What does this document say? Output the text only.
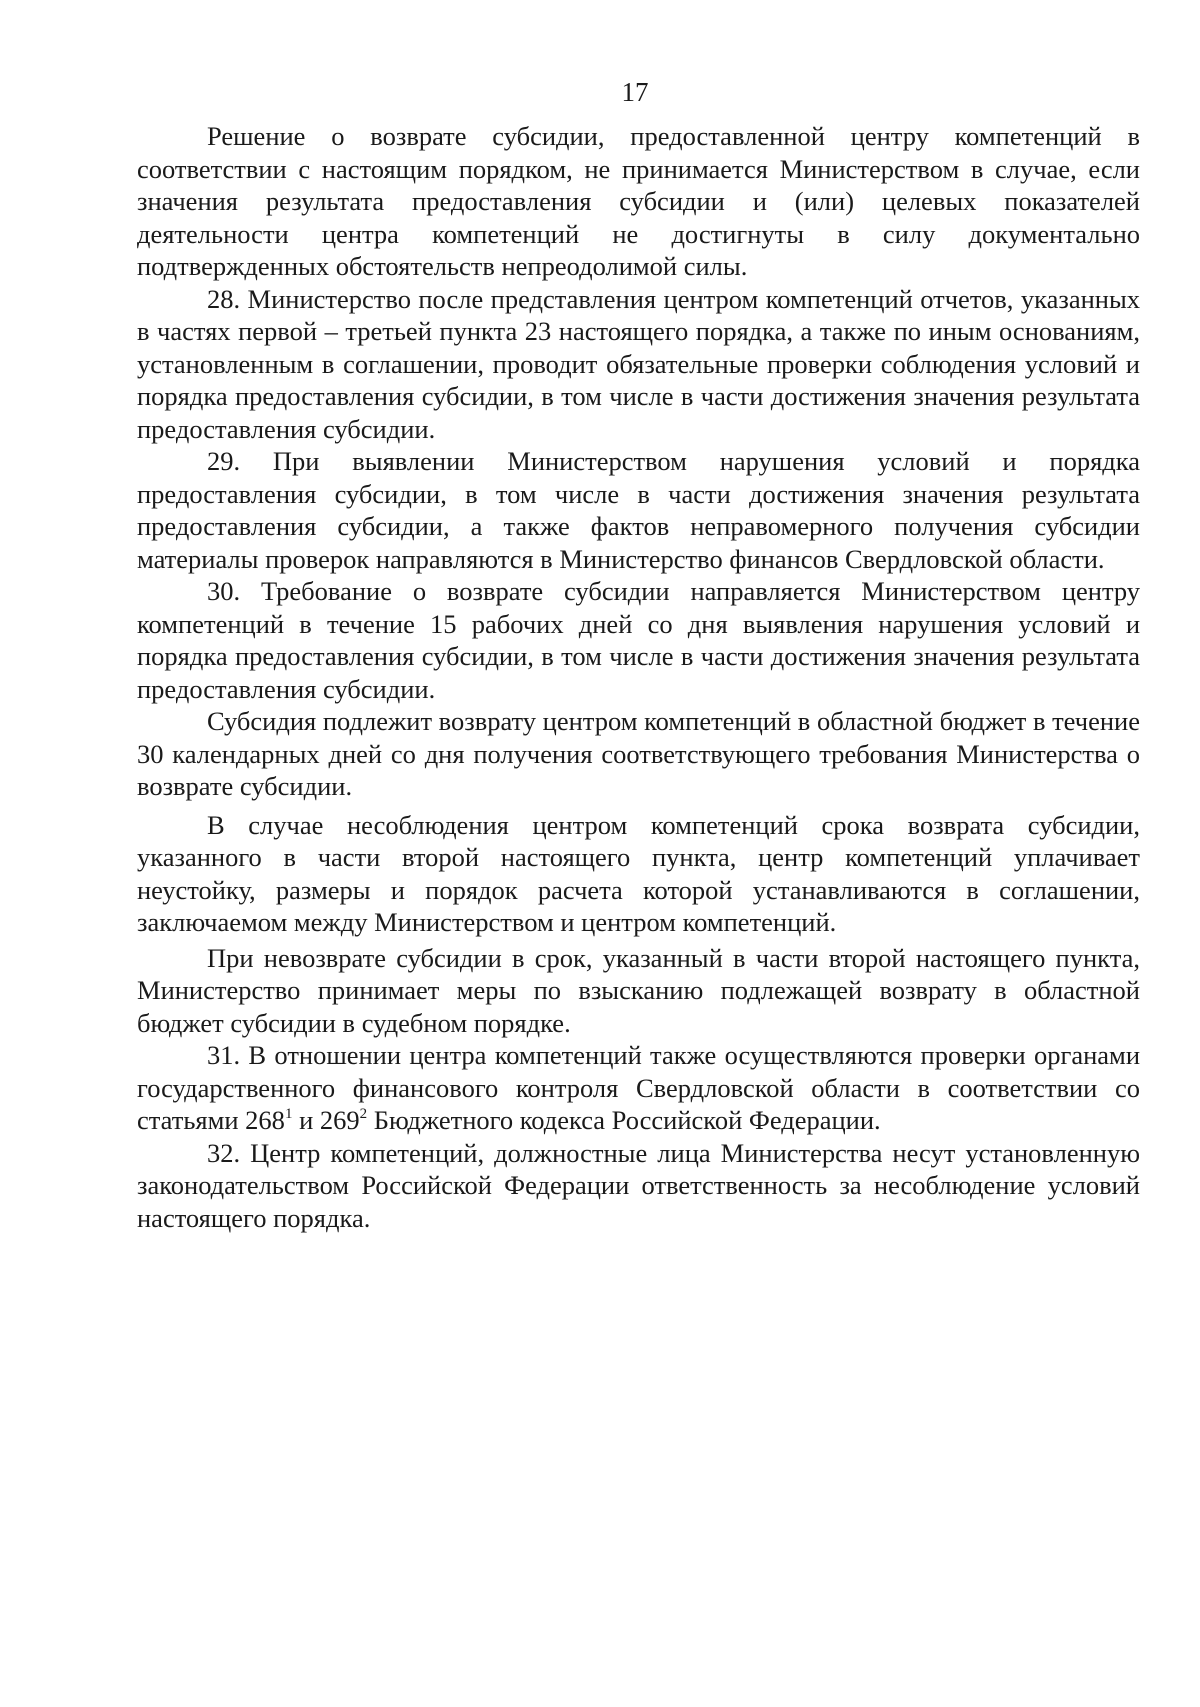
17

Решение о возврате субсидии, предоставленной центру компетенций в соответствии с настоящим порядком, не принимается Министерством в случае, если значения результата предоставления субсидии и (или) целевых показателей деятельности центра компетенций не достигнуты в силу документально подтвержденных обстоятельств непреодолимой силы.

28. Министерство после представления центром компетенций отчетов, указанных в частях первой – третьей пункта 23 настоящего порядка, а также по иным основаниям, установленным в соглашении, проводит обязательные проверки соблюдения условий и порядка предоставления субсидии, в том числе в части достижения значения результата предоставления субсидии.

29. При выявлении Министерством нарушения условий и порядка предоставления субсидии, в том числе в части достижения значения результата предоставления субсидии, а также фактов неправомерного получения субсидии материалы проверок направляются в Министерство финансов Свердловской области.

30. Требование о возврате субсидии направляется Министерством центру компетенций в течение 15 рабочих дней со дня выявления нарушения условий и порядка предоставления субсидии, в том числе в части достижения значения результата предоставления субсидии.

Субсидия подлежит возврату центром компетенций в областной бюджет в течение 30 календарных дней со дня получения соответствующего требования Министерства о возврате субсидии.

В случае несоблюдения центром компетенций срока возврата субсидии, указанного в части второй настоящего пункта, центр компетенций уплачивает неустойку, размеры и порядок расчета которой устанавливаются в соглашении, заключаемом между Министерством и центром компетенций.

При невозврате субсидии в срок, указанный в части второй настоящего пункта, Министерство принимает меры по взысканию подлежащей возврату в областной бюджет субсидии в судебном порядке.

31. В отношении центра компетенций также осуществляются проверки органами государственного финансового контроля Свердловской области в соответствии со статьями $268^1$ и $269^2$ Бюджетного кодекса Российской Федерации.

32. Центр компетенций, должностные лица Министерства несут установленную законодательством Российской Федерации ответственность за несоблюдение условий настоящего порядка.
